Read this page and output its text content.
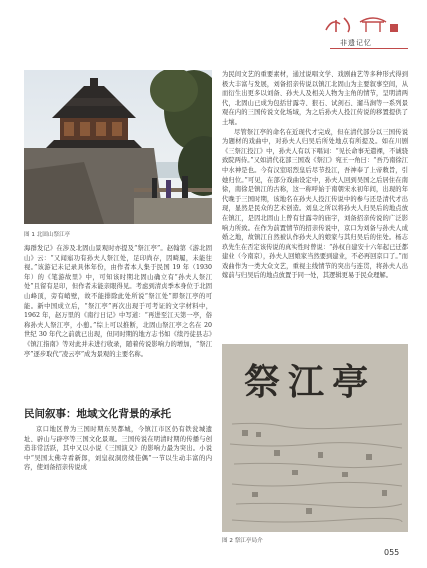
非遗记忆
图 1 北固山祭江亭

海群发记》在涉及北固山景观时亦提及“祭江亭”。赵翰第《游北固山》云：“又闻寤功有孙夫人祭江处，足印尚存，因畸履，未能往视。”该游记未记录具体年份，由作者本人集于民国 19 年（1930 年）的《笔游故里》中，可知该时期北固山确立有“孙夫人祭江处”且留有足印，但作者未能亲眼得见。考虑到清贞季本身位于北固山峰顶，旁有峭壁，故不能排除此处所说“祭江处”即祭江亭的可能。新中国成立后，“祭江亭”再次出现于可考证的文字材料中，1962 年，赵万里的《南行日记》中写道：“再进至江天第一亭，俗称孙夫人祭江亭，小憩。”综上可以推断，北固山祭江亭之名在 20 世纪 30 年代之前就已出现，但同时期的地方志书如《续丹徒县志》《镇江指南》等对此并未进行收录，随着传说影响力的增加，“祭江亭”逐步取代“凌云亭”成为景观的主要名称。

民间叙事：地域文化背景的承托

京口地区曾为三国时期东吴都城，今镇江市区仍有铁瓮城遗址、辟山与辟亭等三国文化景观。三国传说在明清时期的传播与创造非常活跃，其中又以小说《三国演义》的影响力最为突出。小说中“吴国太佛寺看新郎，刘皇叔洞房续佳偶”一节以生动丰富的内容，使刘备招亲传说成

为民间文艺的重要素材，通过说唱文学、戏剧曲艺等多种形式得到极大丰富与发展，刘备招亲传说以镇江北固山为主要叙事空间，从而衍生出更多以刘备、孙夫人及相关人物为主角的情节，呈明清两代，北固山已成为包括甘露寺、狠石、试剑石、遛马涧等一系列景观在内的三国传说文化场域，为之后孙夫人投江传说的移置提供了土壤。

尽管祭江亭的命名在近现代才完成，但在清代部分以三国传说为题材的戏曲中，对孙夫人归吴后所处地点有所提及。如在川剧《三祭江投江》中，孙夫人有以下唱词：“见长命事无遣裸，不诚骁致院两侍。”又如清代花部三国戏《祭江》宛王一角曰：“吾乃南徐江中水神是也。今有汉室昭烈皇后尽节投江，吾神奉了上帝敕旨，引她归位。”可见，在部分戏曲设定中，孙夫人回到吴国之后居住在南徐，南徐是镇江的古称，这一称呼始于南朝宋永初年间，出现的年代晚于三国时期，该地名在孙夫人投江传说中的参与还是清代才出现，显然是民众的艺术创造。刘皇之所以将孙夫人归吴后的地点放在镇江，是因北固山上曾有甘露寺的庙宇，刘备招亲传说的广泛影响力所致。在作为前置情节的招亲传说中，京口为刘备与孙夫人成婚之地，故镇江自然被认作孙夫人的娘家与其归吴后的住处。杨志玖先生在否定该传说的真实性时曾说：“孙权自建安十六年起已迁都建业（今南京），孙夫人回娘家当然要到建业，不必再回京口了。”而戏曲作为一类大众文艺，重视主线情节的突出与连贯，将孙夫人出嫁前与归吴后的地点放置于同一处，其逻辑更易于民众理解。

祭江亭
图 2 祭江亭局介
055
